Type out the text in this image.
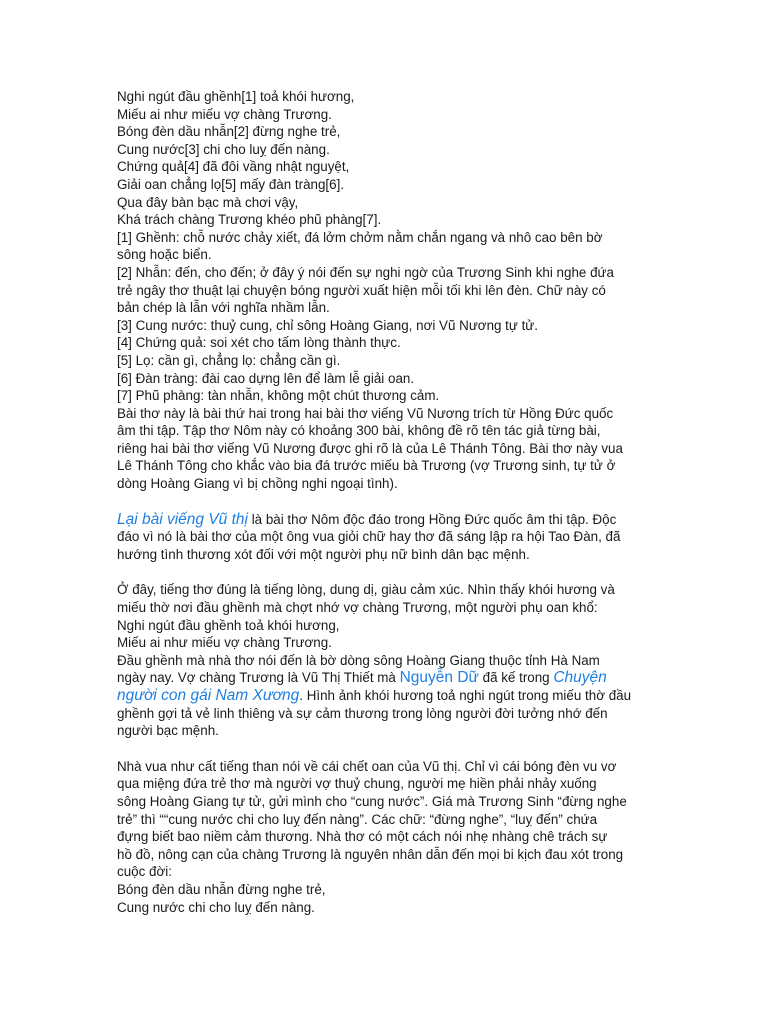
Nghi ngút đầu ghềnh[1] toả khói hương,
Miếu ai như miếu vợ chàng Trương.
Bóng đèn dầu nhẫn[2] đừng nghe trẻ,
Cung nước[3] chi cho luỵ đến nàng.
Chứng quả[4] đã đôi vầng nhật nguyệt,
Giải oan chẳng lọ[5] mấy đàn tràng[6].
Qua đây bàn bạc mà chơi vậy,
Khá trách chàng Trương khéo phũ phàng[7].
[1] Ghềnh: chỗ nước chảy xiết, đá lởm chởm nằm chắn ngang và nhô cao bên bờ
sông hoặc biển.
[2] Nhẫn: đến, cho đến; ở đây ý nói đến sự nghi ngờ của Trương Sinh khi nghe đứa
trẻ ngây thơ thuật lại chuyện bóng người xuất hiện mỗi tối khi lên đèn. Chữ này có
bản chép là lẫn với nghĩa nhầm lẫn.
[3] Cung nước: thuỷ cung, chỉ sông Hoàng Giang, nơi Vũ Nương tự tử.
[4] Chứng quả: soi xét cho tấm lòng thành thực.
[5] Lọ: cần gì, chẳng lọ: chẳng cần gì.
[6] Đàn tràng: đài cao dựng lên để làm lễ giải oan.
[7] Phũ phàng: tàn nhẫn, không một chút thương cảm.
Bài thơ này là bài thứ hai trong hai bài thơ viếng Vũ Nương trích từ Hồng Đức quốc
âm thi tập. Tập thơ Nôm này có khoảng 300 bài, không đề rõ tên tác giả từng bài,
riêng hai bài thơ viếng Vũ Nương được ghi rõ là của Lê Thánh Tông. Bài thơ này vua
Lê Thánh Tông cho khắc vào bia đá trước miếu bà Trương (vợ Trương sinh, tự tử ở
dòng Hoàng Giang vì bị chồng nghi ngoại tình).
Lại bài viếng Vũ thị là bài thơ Nôm độc đáo trong Hồng Đức quốc âm thi tập. Độc
đáo vì nó là bài thơ của một ông vua giỏi chữ hay thơ đã sáng lập ra hội Tao Đàn, đã
hướng tình thương xót đối với một người phụ nữ bình dân bạc mệnh.
Ở đây, tiếng thơ đúng là tiếng lòng, dung dị, giàu cảm xúc. Nhìn thấy khói hương và
miếu thờ nơi đầu ghềnh mà chợt nhớ vợ chàng Trương, một người phụ oan khổ:
Nghi ngút đầu ghềnh toả khói hương,
Miếu ai như miếu vợ chàng Trương.
Đầu ghềnh mà nhà thơ nói đến là bờ dòng sông Hoàng Giang thuộc tỉnh Hà Nam
ngày nay. Vợ chàng Trương là Vũ Thị Thiết mà Nguyễn Dữ đã kế trong Chuyện
người con gái Nam Xương. Hình ảnh khói hương toả nghi ngút trong miếu thờ đầu
ghềnh gợi tả vẻ linh thiêng và sự cảm thương trong lòng người đời tưởng nhớ đến
người bạc mệnh.
Nhà vua như cất tiếng than nói về cái chết oan của Vũ thị. Chỉ vì cái bóng đèn vu vơ
qua miệng đứa trẻ thơ mà người vợ thuỷ chung, người mẹ hiền phải nhảy xuống
sông Hoàng Giang tự tử, gửi mình cho “cung nước”. Giá mà Trương Sinh “đừng nghe
trẻ” thì ““cung nước chi cho luỵ đến nàng”. Các chữ: “đừng nghe”, “luỵ đến” chứa
đựng biết bao niềm cảm thương. Nhà thơ có một cách nói nhẹ nhàng chê trách sự
hồ đồ, nông cạn của chàng Trương là nguyên nhân dẫn đến mọi bi kịch đau xót trong
cuộc đời:
Bóng đèn dầu nhẫn đừng nghe trẻ,
Cung nước chi cho luỵ đến nàng.
